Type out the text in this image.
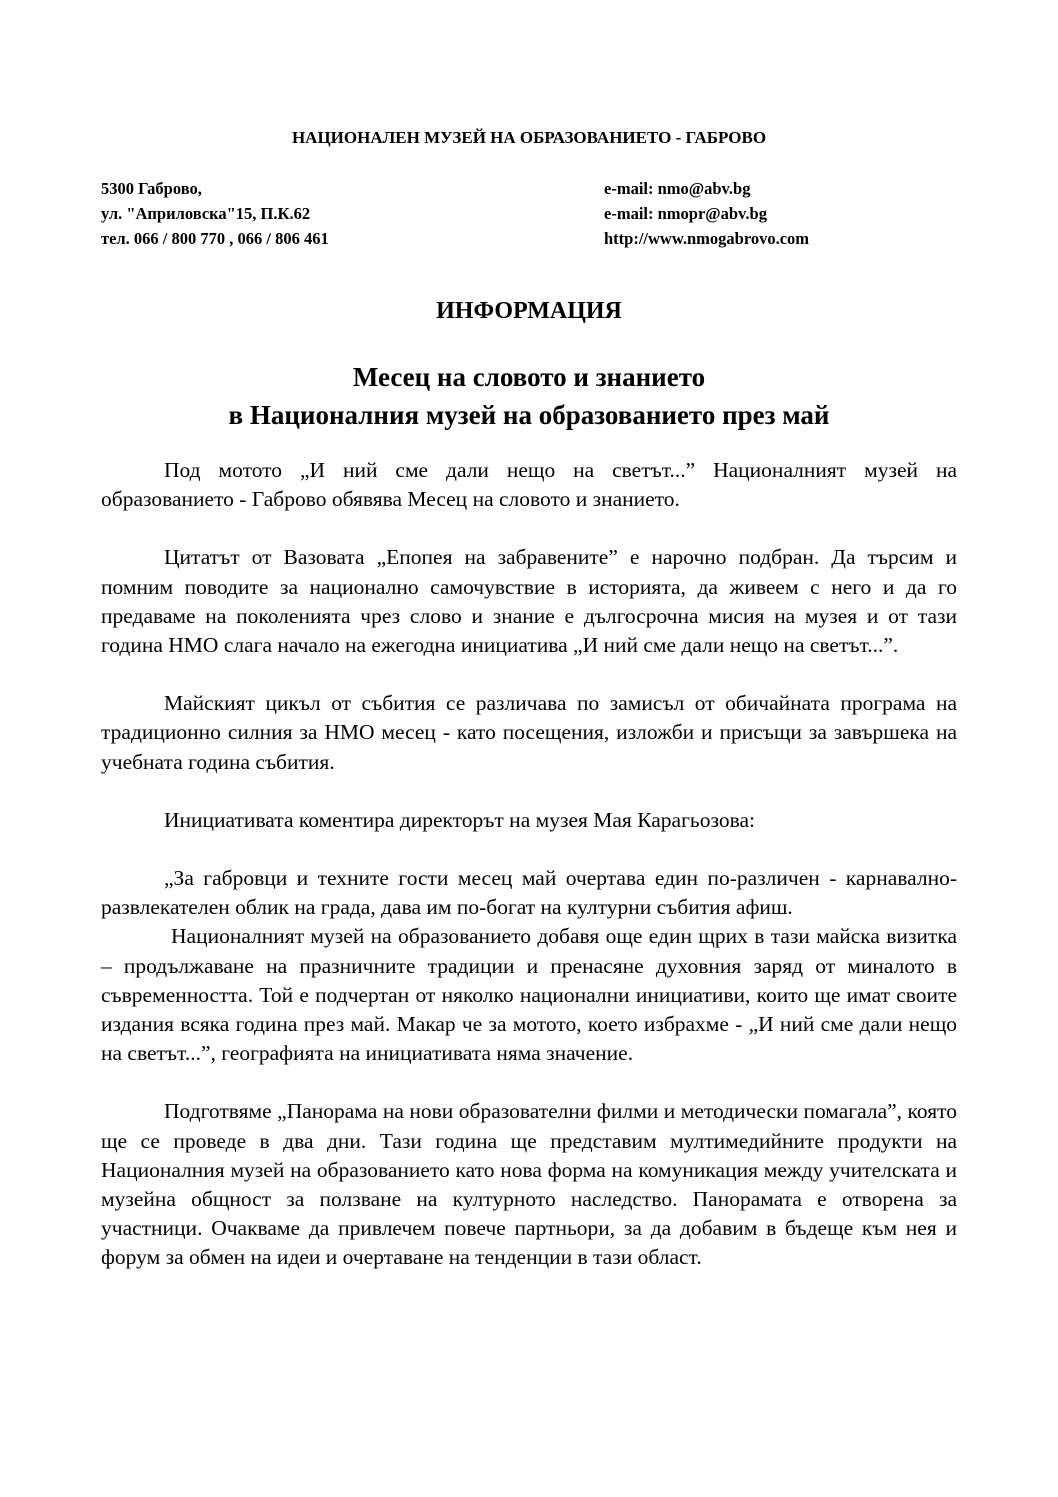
НАЦИОНАЛЕН МУЗЕЙ НА ОБРАЗОВАНИЕТО - ГАБРОВО
5300 Габрово,
ул. "Априловска"15, П.К.62
тел. 066 / 800 770 , 066 / 806 461
e-mail: nmo@abv.bg
e-mail: nmopr@abv.bg
http://www.nmogabrovo.com
ИНФОРМАЦИЯ
Месец на словото и знанието
в Националния музей на образованието през май

Под мотото „И ний сме дали нещо на светът...” Националният музей на образованието - Габрово обявява Месец на словото и знанието.

Цитатът от Вазовата „Епопея на забравените” е нарочно подбран. Да търсим и помним поводите за национално самочувствие в историята, да живеем с него и да го предаваме на поколенията чрез слово и знание е дългосрочна мисия на музея и от тази година НМО слага начало на ежегодна инициатива „И ний сме дали нещо на светът...”.

Майският цикъл от събития се различава по замисъл от обичайната програма на традиционно силния за НМО месец - като посещения, изложби и присъщи за завършека на учебната година събития.

Инициативата коментира директорът на музея Мая Карагьозова:

„За габровци и техните гости месец май очертава един по-различен - карнавално-развлекателен облик на града, дава им по-богат на културни събития афиш.

Националният музей на образованието добавя още един щрих в тази майска визитка – продължаване на празничните традиции и пренасяне духовния заряд от миналото в съвременността. Той е подчертан от няколко национални инициативи, които ще имат своите издания всяка година през май. Макар че за мотото, което избрахме - „И ний сме дали нещо на светът...”, географията на инициативата няма значение.

Подготвяме „Панорама на нови образователни филми и методически помагала”, която ще се проведе в два дни. Тази година ще представим мултимедийните продукти на Националния музей на образованието като нова форма на комуникация между учителската и музейна общност за ползване на културното наследство. Панорамата е отворена за участници. Очакваме да привлечем повече партньори, за да добавим в бъдеще към нея и форум за обмен на идеи и очертаване на тенденции в тази област.
